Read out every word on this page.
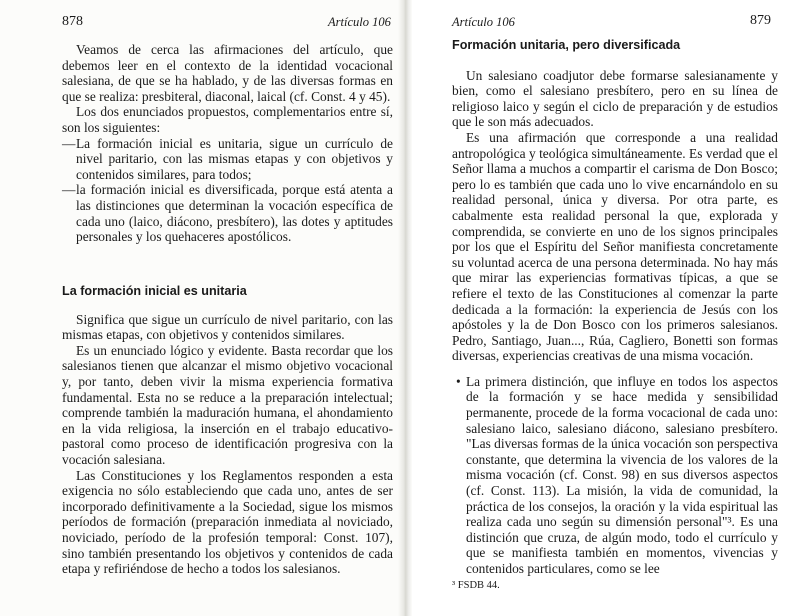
878	Artículo 106

Veamos de cerca las afirmaciones del artículo, que debemos leer en el contexto de la identidad vocacional salesiana, de que se ha hablado, y de las diversas formas en que se realiza: presbiteral, diaconal, laical (cf. Const. 4 y 45).

Los dos enunciados propuestos, complementarios entre sí, son los siguientes:

— La formación inicial es unitaria, sigue un currículo de nivel paritario, con las mismas etapas y con objetivos y contenidos similares, para todos;
— la formación inicial es diversificada, porque está atenta a las distinciones que determinan la vocación específica de cada uno (laico, diácono, presbítero), las dotes y aptitudes personales y los quehaceres apostólicos.
La formación inicial es unitaria

Significa que sigue un currículo de nivel paritario, con las mismas etapas, con objetivos y contenidos similares.

Es un enunciado lógico y evidente. Basta recordar que los salesianos tienen que alcanzar el mismo objetivo vocacional y, por tanto, deben vivir la misma experiencia formativa fundamental. Esta no se reduce a la preparación intelectual; comprende también la maduración humana, el ahondamiento en la vida religiosa, la inserción en el trabajo educativo-pastoral como proceso de identificación progresiva con la vocación salesiana.

Las Constituciones y los Reglamentos responden a esta exigencia no sólo estableciendo que cada uno, antes de ser incorporado definitivamente a la Sociedad, sigue los mismos períodos de formación (preparación inmediata al noviciado, noviciado, período de la profesión temporal: Const. 107), sino también presentando los objetivos y contenidos de cada etapa y refiriéndose de hecho a todos los salesianos.

Artículo 106	879
Formación unitaria, pero diversificada

Un salesiano coadjutor debe formarse salesianamente y bien, como el salesiano presbítero, pero en su línea de religioso laico y según el ciclo de preparación y de estudios que le son más adecuados.

Es una afirmación que corresponde a una realidad antropológica y teológica simultáneamente. Es verdad que el Señor llama a muchos a compartir el carisma de Don Bosco; pero lo es también que cada uno lo vive encarnándolo en su realidad personal, única y diversa. Por otra parte, es cabalmente esta realidad personal la que, explorada y comprendida, se convierte en uno de los signos principales por los que el Espíritu del Señor manifiesta concretamente su voluntad acerca de una persona determinada. No hay más que mirar las experiencias formativas típicas, a que se refiere el texto de las Constituciones al comenzar la parte dedicada a la formación: la experiencia de Jesús con los apóstoles y la de Don Bosco con los primeros salesianos. Pedro, Santiago, Juan..., Rúa, Cagliero, Bonetti son formas diversas, experiencias creativas de una misma vocación.

• La primera distinción, que influye en todos los aspectos de la formación y se hace medida y sensibilidad permanente, procede de la forma vocacional de cada uno: salesiano laico, salesiano diácono, salesiano presbítero. "Las diversas formas de la única vocación son perspectiva constante, que determina la vivencia de los valores de la misma vocación (cf. Const. 98) en sus diversos aspectos (cf. Const. 113). La misión, la vida de comunidad, la práctica de los consejos, la oración y la vida espiritual las realiza cada uno según su dimensión personal"³. Es una distinción que cruza, de algún modo, todo el currículo y que se manifiesta también en momentos, vivencias y contenidos particulares, como se lee
³ FSDB 44.
